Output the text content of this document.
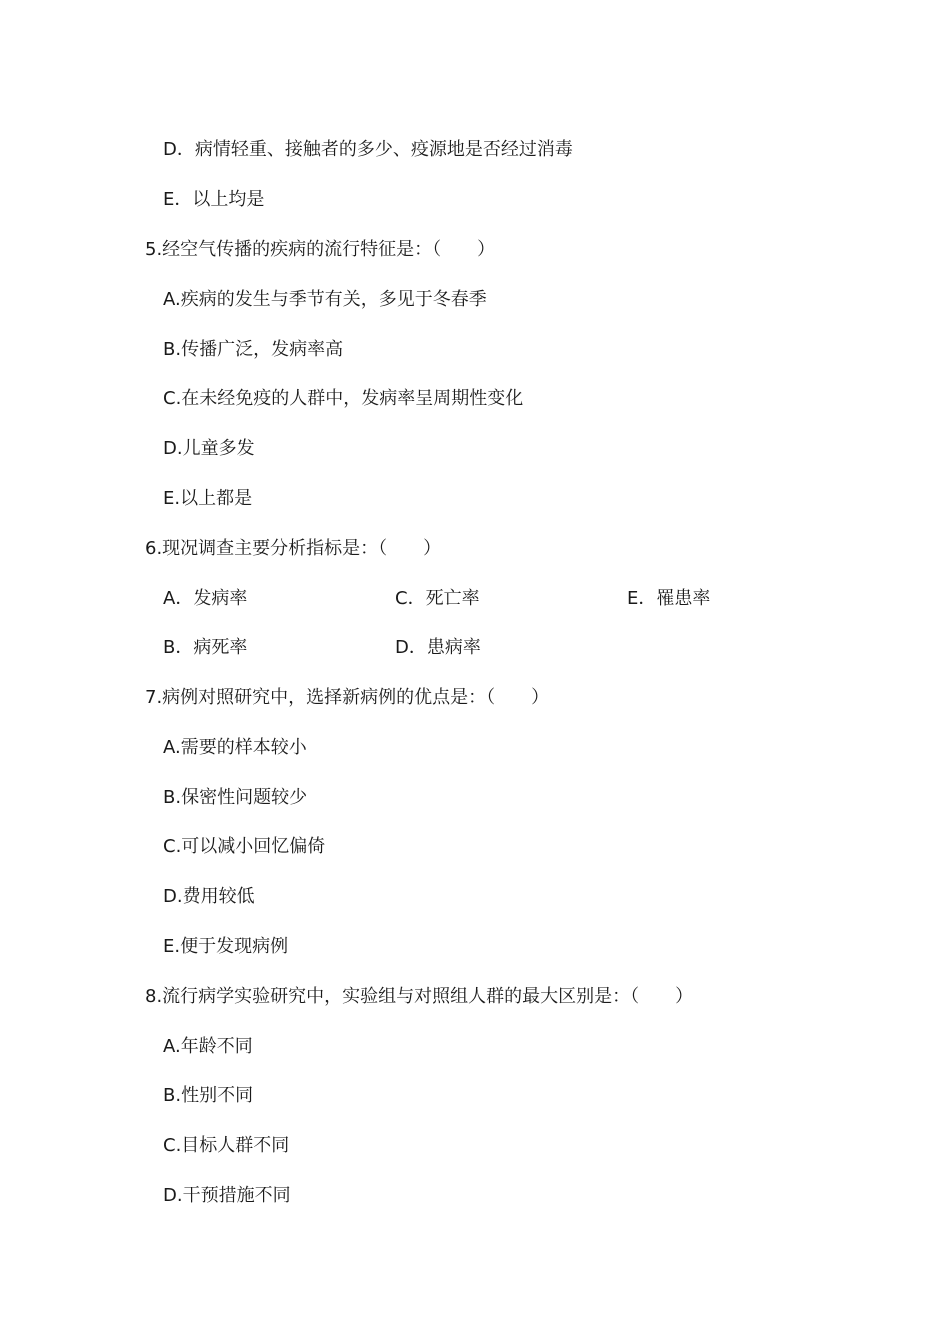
D．病情轻重、接触者的多少、疫源地是否经过消毒
E．以上均是
5.经空气传播的疾病的流行特征是：（　　）
A.疾病的发生与季节有关，多见于冬春季
B.传播广泛，发病率高
C.在未经免疫的人群中，发病率呈周期性变化
D.儿童多发
E.以上都是
6.现况调查主要分析指标是：（　　）
A．发病率	C．死亡率	E．罹患率
B．病死率	D．患病率
7.病例对照研究中，选择新病例的优点是：（　　）
A.需要的样本较小
B.保密性问题较少
C.可以减小回忆偏倚
D.费用较低
E.便于发现病例
8.流行病学实验研究中，实验组与对照组人群的最大区别是：（　　）
A.年龄不同
B.性别不同
C.目标人群不同
D.干预措施不同
